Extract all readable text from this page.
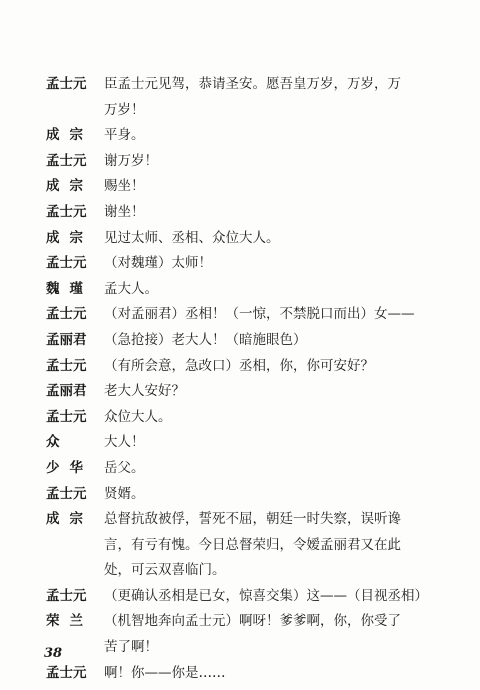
孟士元	臣孟士元见驾，恭请圣安。愿吾皇万岁，万岁，万
万岁！
成宗 平身。
孟士元	谢万岁！
成宗 赐坐！
孟士元	谢坐！
成宗 见过太师、丞相、众位大人。
孟士元	（对魏瑾）太师！
魏瑾 孟大人。
孟士元	（对孟丽君）丞相！（一惊，不禁脱口而出）女——
孟丽君	（急抢接）老大人！（暗施眼色）
孟士元	（有所会意，急改口）丞相，你，你可安好？
孟丽君	老大人安好？
孟士元	众位大人。
众	大人！
少华 岳父。
孟士元	贤婿。
成宗 总督抗敌被俘，誓死不屈，朝廷一时失察，误听谗
言，有亏有愧。今日总督荣归，令嫒孟丽君又在此
处，可云双喜临门。
孟士元	（更确认丞相是已女，惊喜交集）这——（目视丞相）
荣兰 （机智地奔向孟士元）啊呀！爹爹啊，你，你受了
苦了啊！
孟士元	啊！你——你是……
38
